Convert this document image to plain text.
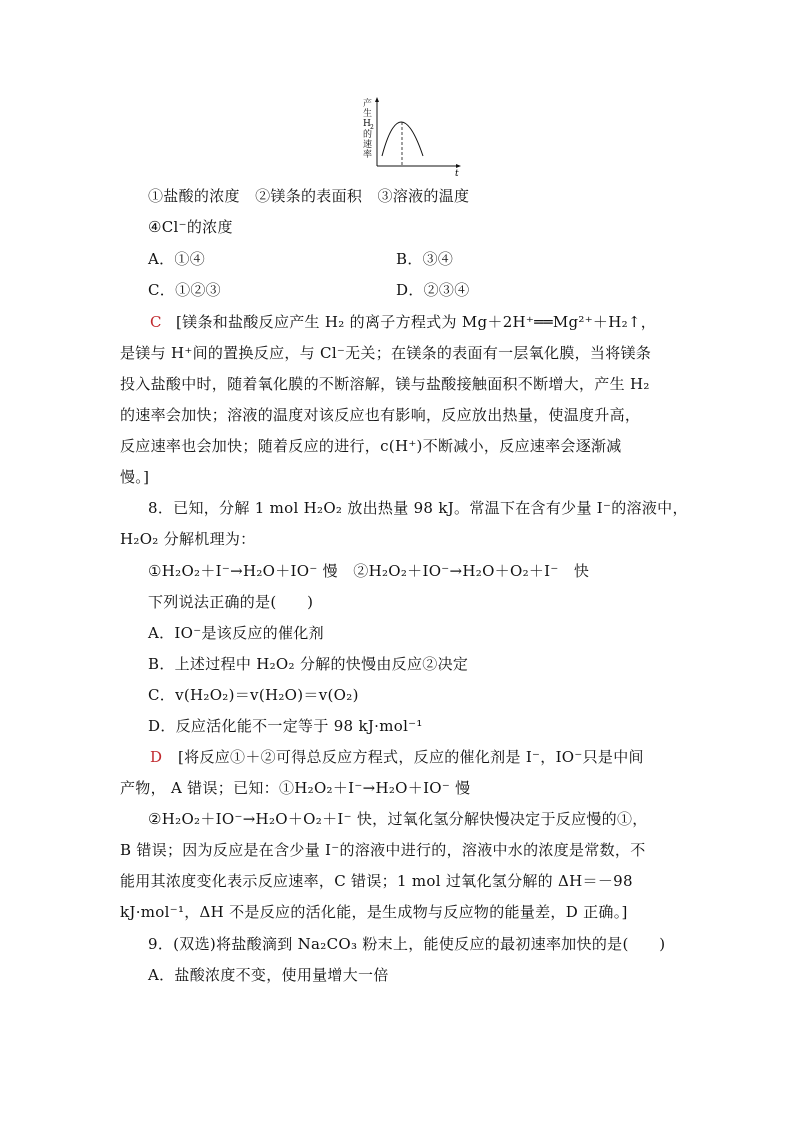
产
生
H
的
速
率
2
t
①盐酸的浓度　②镁条的表面积　③溶液的温度
④Cl⁻的浓度
A．①④	B．③④
C．①②③	D．②③④
C [镁条和盐酸反应产生 H₂ 的离子方程式为 Mg＋2H⁺══Mg²⁺＋H₂↑，
是镁与 H⁺间的置换反应，与 Cl⁻无关；在镁条的表面有一层氧化膜，当将镁条
投入盐酸中时，随着氧化膜的不断溶解，镁与盐酸接触面积不断增大，产生 H₂
的速率会加快；溶液的温度对该反应也有影响，反应放出热量，使温度升高，
反应速率也会加快；随着反应的进行，c(H⁺)不断减小，反应速率会逐渐减
慢。]
8．已知，分解 1 mol H₂O₂ 放出热量 98 kJ。常温下在含有少量 I⁻的溶液中，
H₂O₂ 分解机理为：
①H₂O₂＋I⁻→H₂O＋IO⁻ 慢　②H₂O₂＋IO⁻→H₂O＋O₂＋I⁻　快
下列说法正确的是(　　)
A．IO⁻是该反应的催化剂
B．上述过程中 H₂O₂ 分解的快慢由反应②决定
C．v(H₂O₂)＝v(H₂O)＝v(O₂)
D．反应活化能不一定等于 98 kJ·mol⁻¹
D [将反应①＋②可得总反应方程式，反应的催化剂是 I⁻，IO⁻只是中间
产物， A 错误；已知：①H₂O₂＋I⁻→H₂O＋IO⁻ 慢
②H₂O₂＋IO⁻→H₂O＋O₂＋I⁻ 快，过氧化氢分解快慢决定于反应慢的①，
B 错误；因为反应是在含少量 I⁻的溶液中进行的，溶液中水的浓度是常数，不
能用其浓度变化表示反应速率，C 错误；1 mol 过氧化氢分解的 ΔH＝－98
kJ·mol⁻¹，ΔH 不是反应的活化能，是生成物与反应物的能量差，D 正确。]
9．(双选)将盐酸滴到 Na₂CO₃ 粉末上，能使反应的最初速率加快的是(　　)
A．盐酸浓度不变，使用量增大一倍
